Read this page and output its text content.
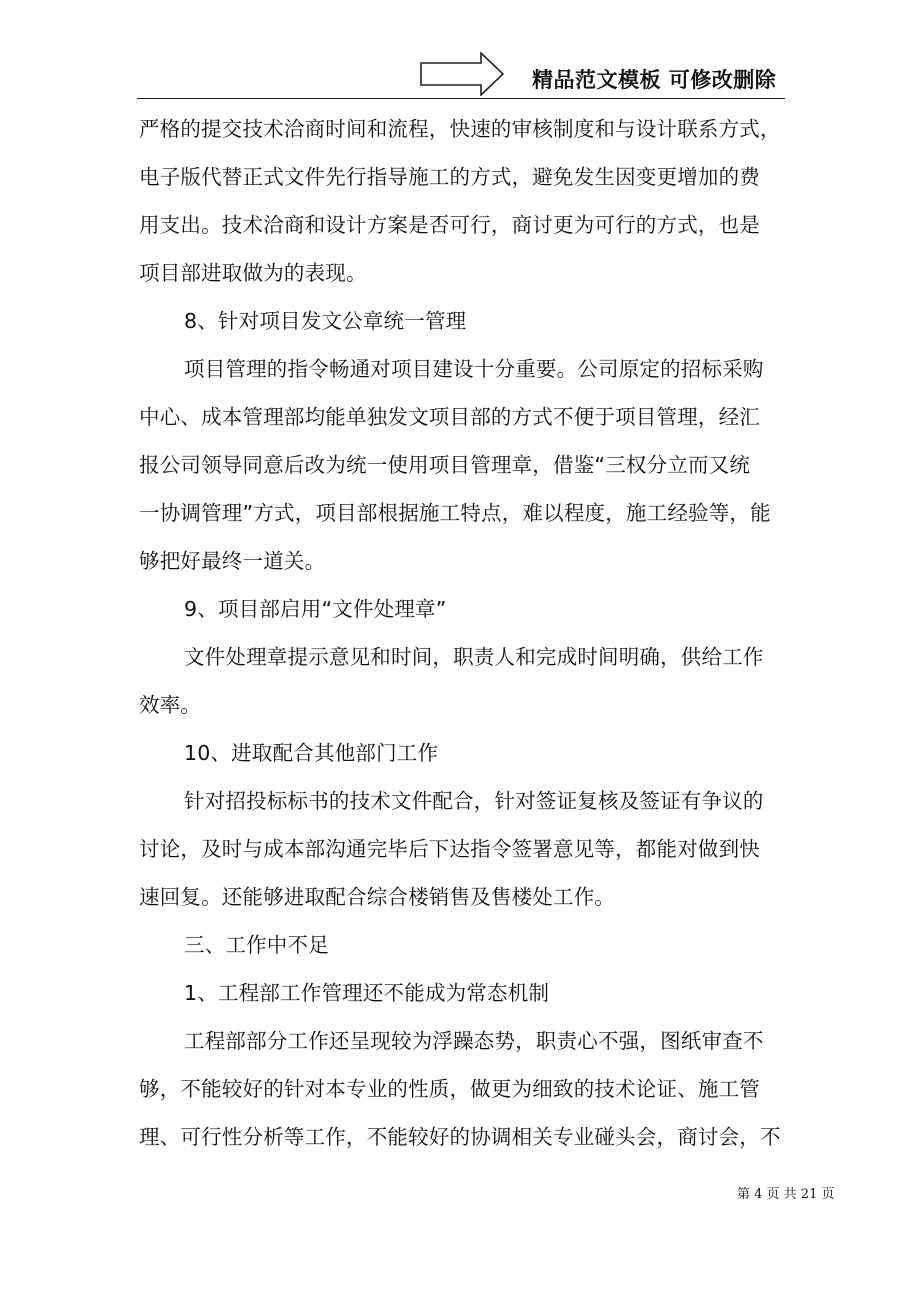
精品范文模板 可修改删除
严格的提交技术洽商时间和流程，快速的审核制度和与设计联系方式，
电子版代替正式文件先行指导施工的方式，避免发生因变更增加的费
用支出。技术洽商和设计方案是否可行，商讨更为可行的方式，也是
项目部进取做为的表现。
8、针对项目发文公章统一管理
项目管理的指令畅通对项目建设十分重要。公司原定的招标采购
中心、成本管理部均能单独发文项目部的方式不便于项目管理，经汇
报公司领导同意后改为统一使用项目管理章，借鉴“三权分立而又统
一协调管理”方式，项目部根据施工特点，难以程度，施工经验等，能
够把好最终一道关。
9、项目部启用“文件处理章”
文件处理章提示意见和时间，职责人和完成时间明确，供给工作
效率。
10、进取配合其他部门工作
针对招投标标书的技术文件配合，针对签证复核及签证有争议的
讨论，及时与成本部沟通完毕后下达指令签署意见等，都能对做到快
速回复。还能够进取配合综合楼销售及售楼处工作。
三、工作中不足
1、工程部工作管理还不能成为常态机制
工程部部分工作还呈现较为浮躁态势，职责心不强，图纸审查不
够，不能较好的针对本专业的性质，做更为细致的技术论证、施工管
理、可行性分析等工作，不能较好的协调相关专业碰头会，商讨会，不
第 4 页 共 21 页
